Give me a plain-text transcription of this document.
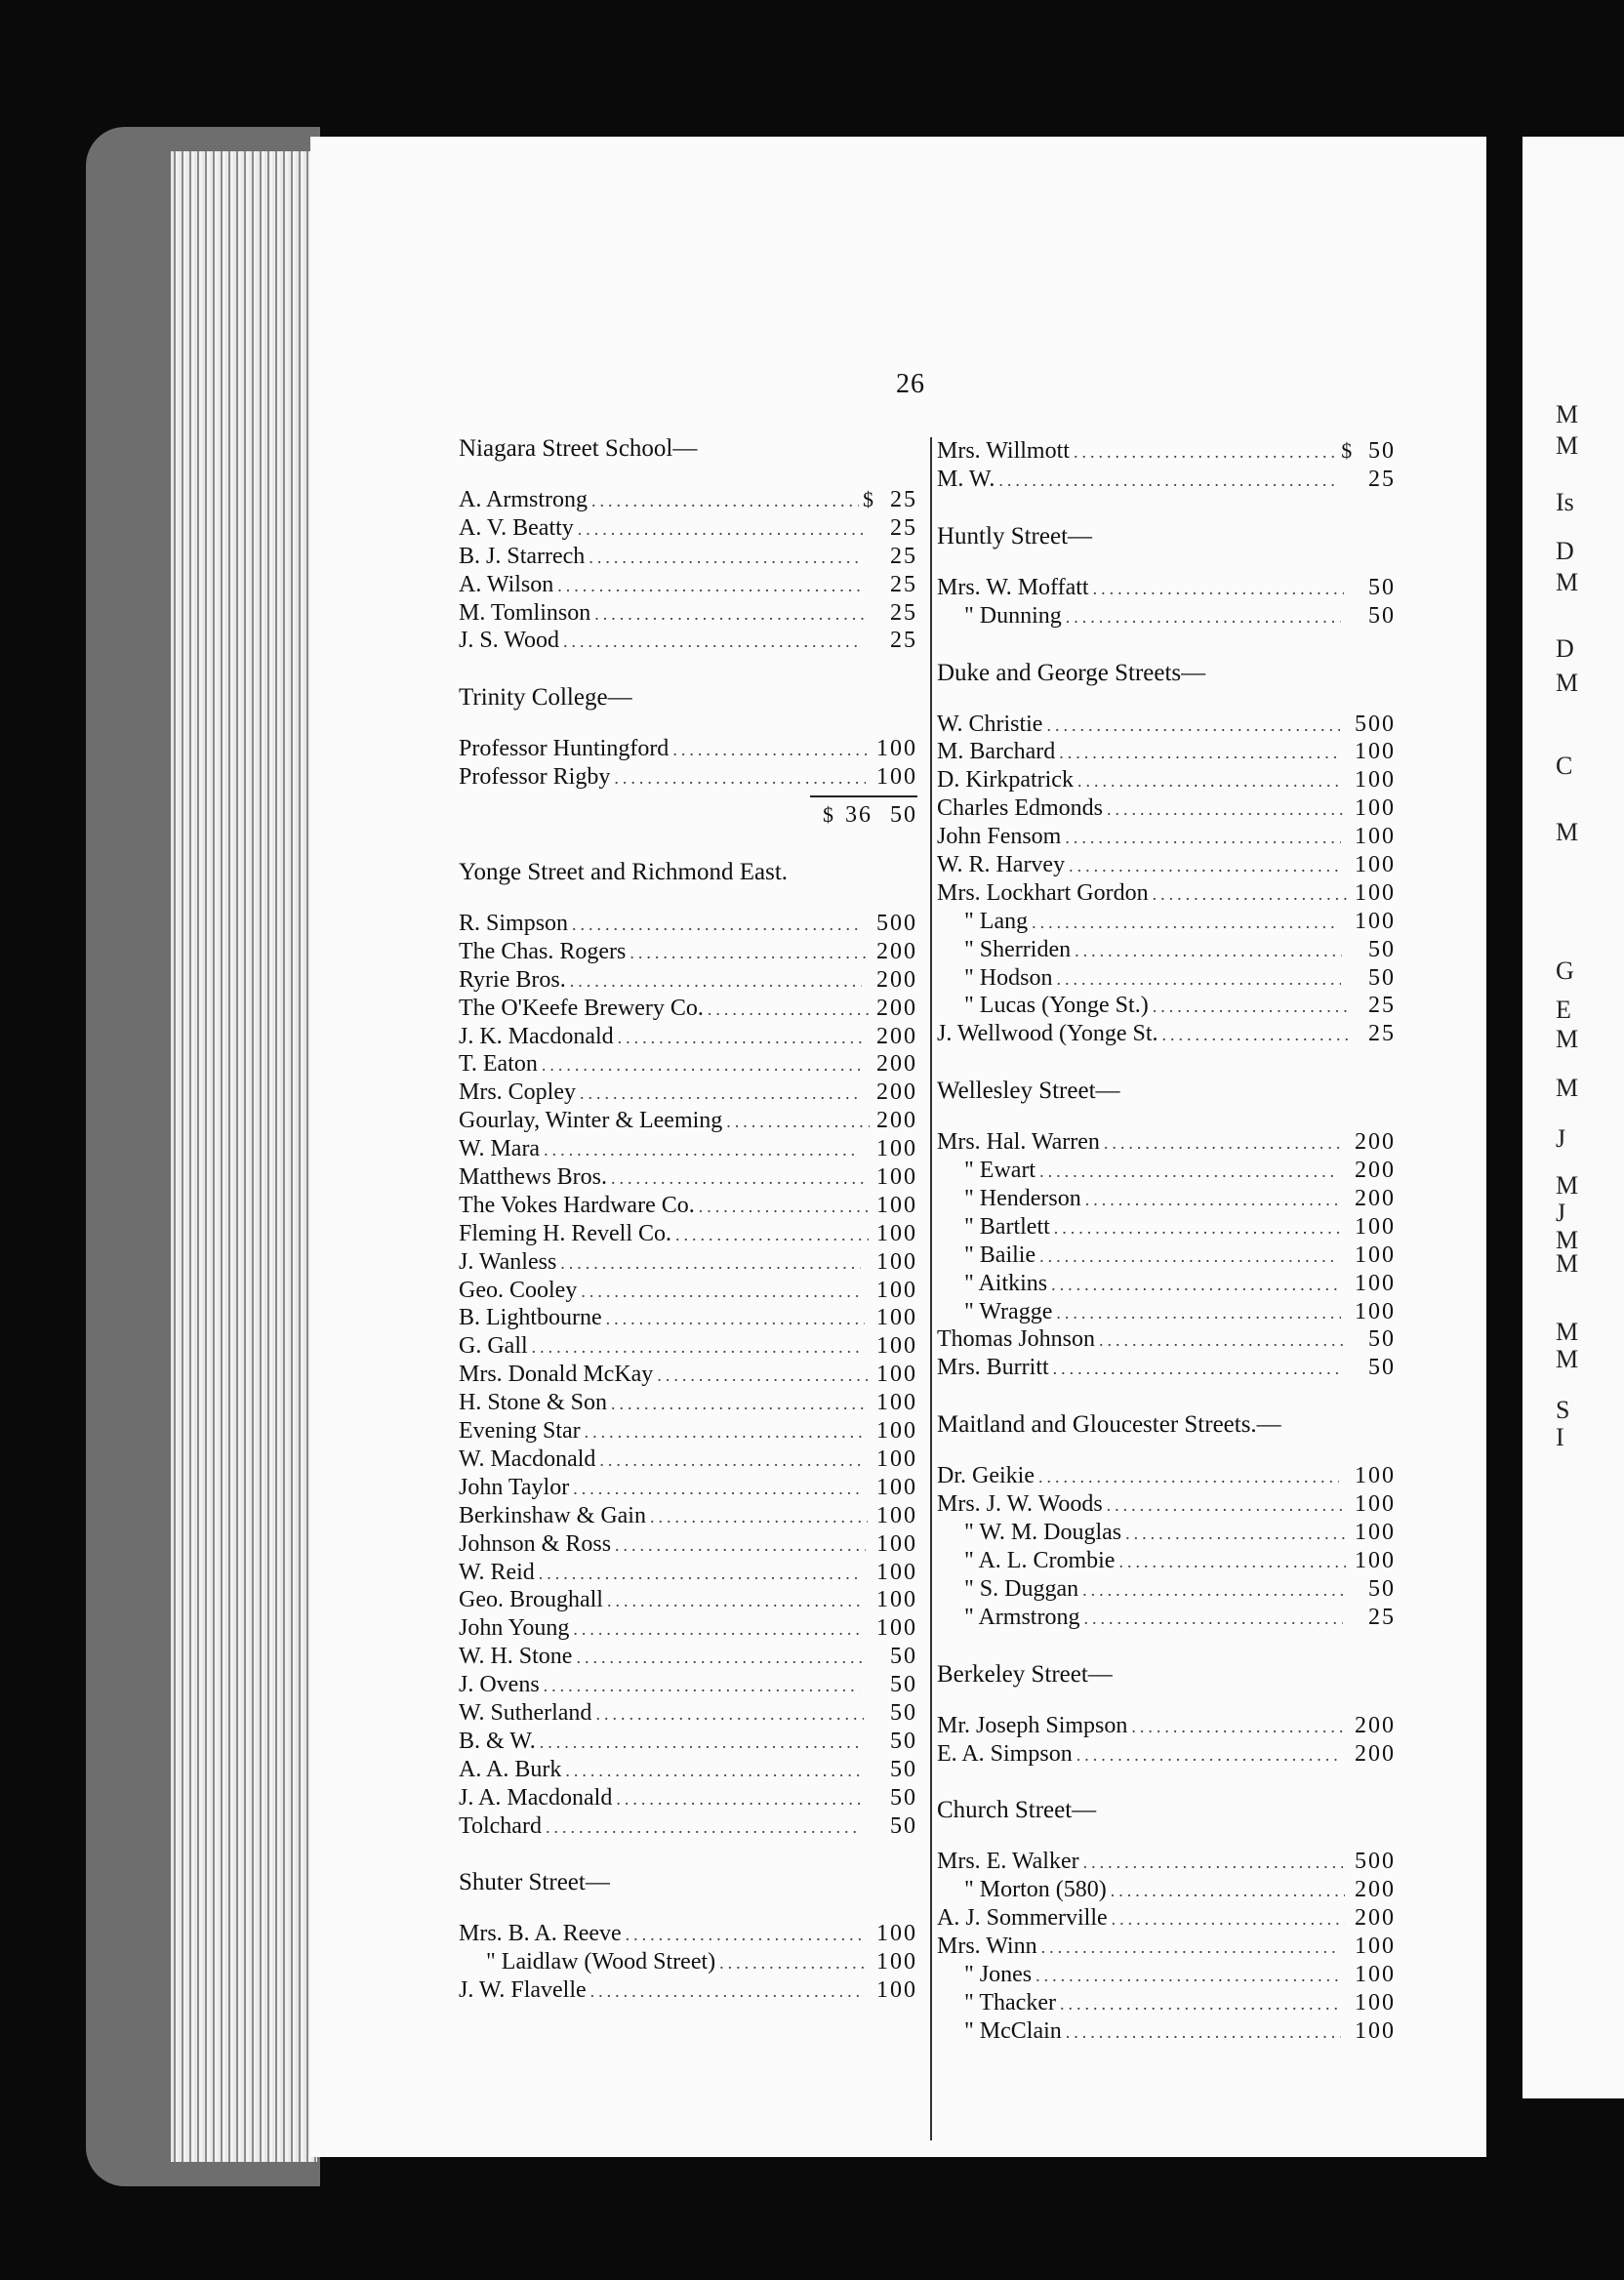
M
M
Is
D
M
D
M
C
M
G
E
M
M
J
M
J
M
M
M
M
S
I
26
Niagara Street School—
A. Armstrong .....	$ 25
A. V. Beatty .....	25
B. J. Starrech .....	25
A. Wilson .....	25
M. Tomlinson .....	25
J. S. Wood .....	25
Trinity College—
Professor Huntingford .....	1 00
Professor Rigby .....	1 00
$ 36 50
Yonge Street and Richmond East.
R. Simpson .....	5 00
The Chas. Rogers .....	2 00
Ryrie Bros. .....	2 00
The O'Keefe Brewery Co. .....	2 00
J. K. Macdonald .....	2 00
T. Eaton .....	2 00
Mrs. Copley .....	2 00
Gourlay, Winter & Leeming .....	2 00
W. Mara .....	1 00
Matthews Bros. .....	1 00
The Vokes Hardware Co. .....	1 00
Fleming H. Revell Co. .....	1 00
J. Wanless .....	1 00
Geo. Cooley .....	1 00
B. Lightbourne .....	1 00
G. Gall .....	1 00
Mrs. Donald McKay .....	1 00
H. Stone & Son .....	1 00
Evening Star .....	1 00
W. Macdonald .....	1 00
John Taylor .....	1 00
Berkinshaw & Gain .....	1 00
Johnson & Ross .....	1 00
W. Reid .....	1 00
Geo. Broughall .....	1 00
John Young .....	1 00
W. H. Stone .....	50
J. Ovens .....	50
W. Sutherland .....	50
B. & W. .....	50
A. A. Burk .....	50
J. A. Macdonald .....	50
Tolchard .....	50
Shuter Street—
Mrs. B. A. Reeve .....	1 00
" Laidlaw (Wood Street) .....	1 00
J. W. Flavelle .....	1 00
Mrs. Willmott .....	$ 50
M. W. .....	25
Huntly Street—
Mrs. W. Moffatt .....	50
" Dunning .....	50
Duke and George Streets—
W. Christie .....	5 00
M. Barchard .....	1 00
D. Kirkpatrick .....	1 00
Charles Edmonds .....	1 00
John Fensom .....	1 00
W. R. Harvey .....	1 00
Mrs. Lockhart Gordon .....	1 00
" Lang .....	1 00
" Sherriden .....	50
" Hodson .....	50
" Lucas (Yonge St.) .....	25
J. Wellwood (Yonge St. .....	25
Wellesley Street—
Mrs. Hal. Warren .....	2 00
" Ewart .....	2 00
" Henderson .....	2 00
" Bartlett .....	1 00
" Bailie .....	1 00
" Aitkins .....	1 00
" Wragge .....	1 00
Thomas Johnson .....	50
Mrs. Burritt .....	50
Maitland and Gloucester Streets.—
Dr. Geikie .....	1 00
Mrs. J. W. Woods .....	1 00
" W. M. Douglas .....	1 00
" A. L. Crombie .....	1 00
" S. Duggan .....	50
" Armstrong .....	25
Berkeley Street—
Mr. Joseph Simpson .....	2 00
E. A. Simpson .....	2 00
Church Street—
Mrs. E. Walker .....	5 00
" Morton (580) .....	2 00
A. J. Sommerville .....	2 00
Mrs. Winn .....	1 00
" Jones .....	1 00
" Thacker .....	1 00
" McClain .....	1 00
